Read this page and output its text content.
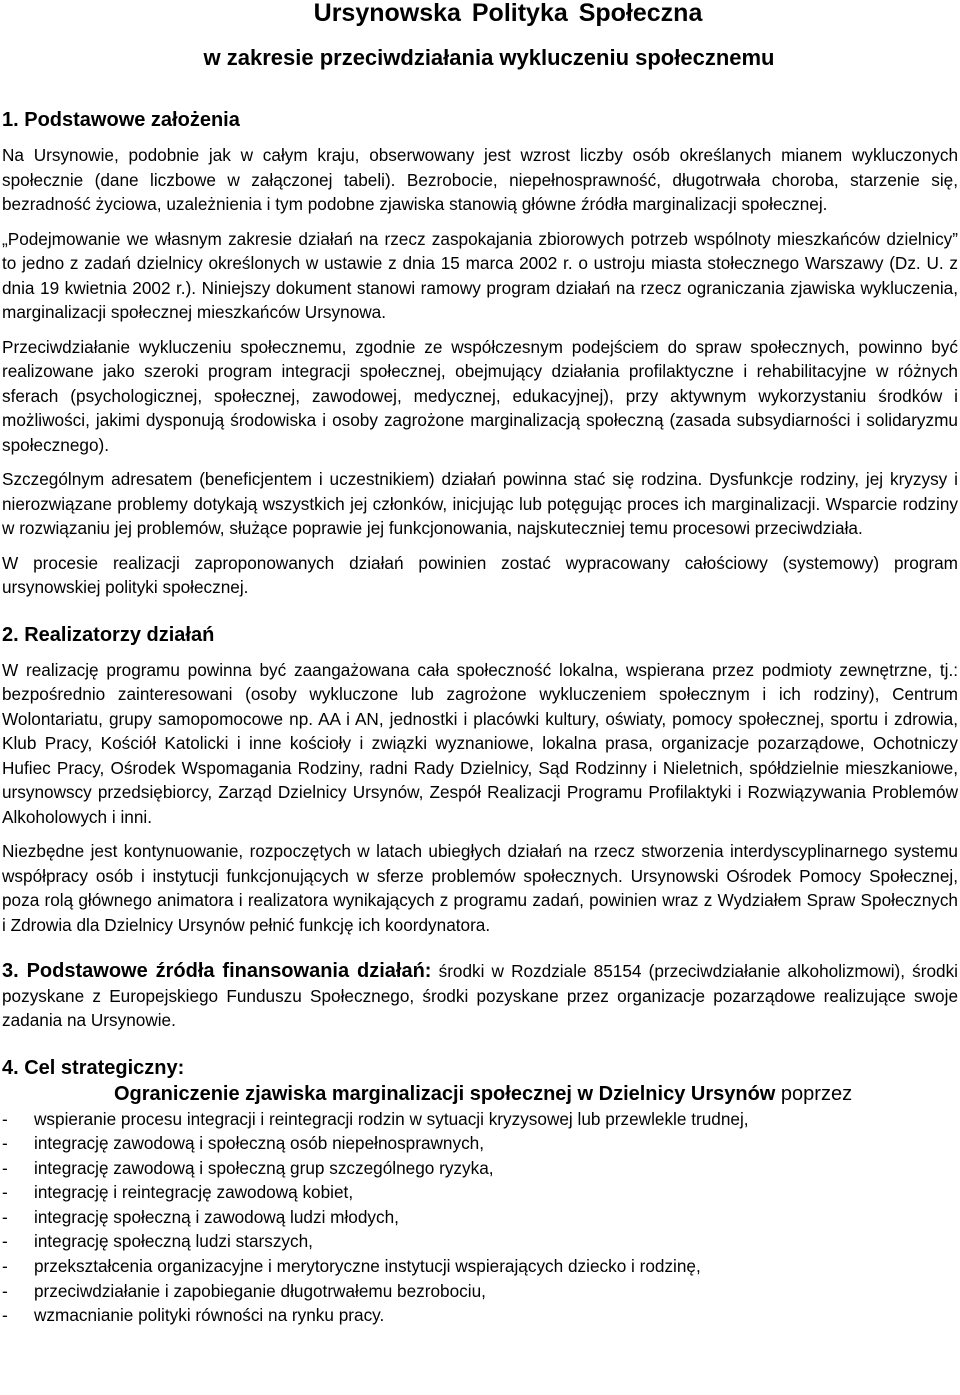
Ursynowska Polityka Społeczna
w zakresie przeciwdziałania wykluczeniu społecznemu
1. Podstawowe założenia

Na Ursynowie, podobnie jak w całym kraju, obserwowany jest wzrost liczby osób określanych mianem wykluczonych społecznie (dane liczbowe w załączonej tabeli). Bezrobocie, niepełnosprawność, długotrwała choroba, starzenie się, bezradność życiowa, uzależnienia i tym podobne zjawiska stanowią główne źródła marginalizacji społecznej.

„Podejmowanie we własnym zakresie działań na rzecz zaspokajania zbiorowych potrzeb wspólnoty mieszkańców dzielnicy” to jedno z zadań dzielnicy określonych w ustawie z dnia 15 marca 2002 r. o ustroju miasta stołecznego Warszawy (Dz. U. z dnia 19 kwietnia 2002 r.). Niniejszy dokument stanowi ramowy program działań na rzecz ograniczania zjawiska wykluczenia, marginalizacji społecznej mieszkańców Ursynowa.

Przeciwdziałanie wykluczeniu społecznemu, zgodnie ze współczesnym podejściem do spraw społecznych, powinno być realizowane jako szeroki program integracji społecznej, obejmujący działania profilaktyczne i rehabilitacyjne w różnych sferach (psychologicznej, społecznej, zawodowej, medycznej, edukacyjnej), przy aktywnym wykorzystaniu środków i możliwości, jakimi dysponują środowiska i osoby zagrożone marginalizacją społeczną (zasada subsydiarności i solidaryzmu społecznego).

Szczególnym adresatem (beneficjentem i uczestnikiem) działań powinna stać się rodzina. Dysfunkcje rodziny, jej kryzysy i nierozwiązane problemy dotykają wszystkich jej członków, inicjując lub potęgując proces ich marginalizacji. Wsparcie rodziny w rozwiązaniu jej problemów, służące poprawie jej funkcjonowania, najskuteczniej temu procesowi przeciwdziała.

W procesie realizacji zaproponowanych działań powinien zostać wypracowany całościowy (systemowy) program ursynowskiej polityki społecznej.

2. Realizatorzy działań

W realizację programu powinna być zaangażowana cała społeczność lokalna, wspierana przez podmioty zewnętrzne, tj.: bezpośrednio zainteresowani (osoby wykluczone lub zagrożone wykluczeniem społecznym i ich rodziny), Centrum Wolontariatu, grupy samopomocowe np. AA i AN, jednostki i placówki kultury, oświaty, pomocy społecznej, sportu i zdrowia, Klub Pracy, Kościół Katolicki i inne kościoły i związki wyznaniowe, lokalna prasa, organizacje pozarządowe, Ochotniczy Hufiec Pracy, Ośrodek Wspomagania Rodziny, radni Rady Dzielnicy, Sąd Rodzinny i Nieletnich, spółdzielnie mieszkaniowe, ursynowscy przedsiębiorcy, Zarząd Dzielnicy Ursynów, Zespół Realizacji Programu Profilaktyki i Rozwiązywania Problemów Alkoholowych i inni.

Niezbędne jest kontynuowanie, rozpoczętych w latach ubiegłych działań na rzecz stworzenia interdyscyplinarnego systemu współpracy osób i instytucji funkcjonujących w sferze problemów społecznych. Ursynowski Ośrodek Pomocy Społecznej, poza rolą głównego animatora i realizatora wynikających z programu zadań, powinien wraz z Wydziałem Spraw Społecznych i Zdrowia dla Dzielnicy Ursynów pełnić funkcję ich koordynatora.

3. Podstawowe źródła finansowania działań: środki w Rozdziale 85154 (przeciwdziałanie alkoholizmowi), środki pozyskane z Europejskiego Funduszu Społecznego, środki pozyskane przez organizacje pozarządowe realizujące swoje zadania na Ursynowie.

4. Cel strategiczny:
Ograniczenie zjawiska marginalizacji społecznej w Dzielnicy Ursynów poprzez
- wspieranie procesu integracji i reintegracji rodzin w sytuacji kryzysowej lub przewlekle trudnej,
- integrację zawodową i społeczną osób niepełnosprawnych,
- integrację zawodową i społeczną grup szczególnego ryzyka,
- integrację i reintegrację zawodową kobiet,
- integrację społeczną i zawodową ludzi młodych,
- integrację społeczną ludzi starszych,
- przekształcenia organizacyjne i merytoryczne instytucji wspierających dziecko i rodzinę,
- przeciwdziałanie i zapobieganie długotrwałemu bezrobociu,
- wzmacnianie polityki równości na rynku pracy.
